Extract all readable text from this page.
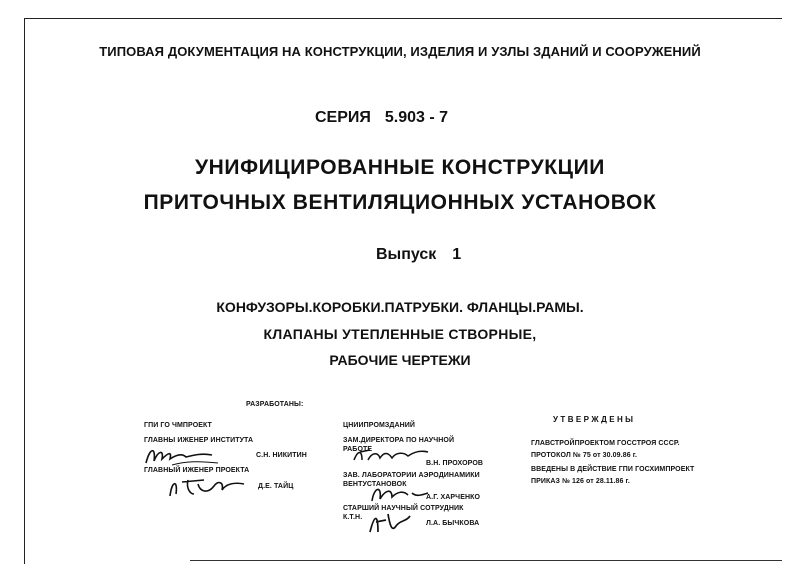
ТИПОВАЯ ДОКУМЕНТАЦИЯ НА КОНСТРУКЦИИ, ИЗДЕЛИЯ И УЗЛЫ ЗДАНИЙ И СООРУЖЕНИЙ
СЕРИЯ 5.903 - 7
УНИФИЦИРОВАННЫЕ КОНСТРУКЦИИ
ПРИТОЧНЫХ ВЕНТИЛЯЦИОННЫХ УСТАНОВОК
Выпуск 1
КОНФУЗОРЫ.КОРОБКИ.ПАТРУБКИ. ФЛАНЦЫ.РАМЫ.
КЛАПАНЫ УТЕПЛЕННЫЕ СТВОРНЫЕ,
РАБОЧИЕ ЧЕРТЕЖИ
РАЗРАБОТАНЫ:
ГПИ ГО ЧМПРОЕКТ
ГЛАВНЫ ИЖЕНЕР ИНСТИТУТА
С.Н. НИКИТИН
ГЛАВНЫЙ ИЖЕНЕР ПРОЕКТА
Д.Е. ТАЙЦ
ЦНИИПРОМЗДАНИЙ
ЗАМ.ДИРЕКТОРА ПО НАУЧНОЙ
РАБОТЕ
В.Н. ПРОХОРОВ
ЗАВ. ЛАБОРАТОРИИ АЭРОДИНАМИКИ
ВЕНТУСТАНОВОК
А.Г. ХАРЧЕНКО
СТАРШИЙ НАУЧНЫЙ СОТРУДНИК
К.Т.Н.
Л.А. БЫЧКОВА
У Т В Е Р Ж Д Е Н Ы
ГЛАВСТРОЙПРОЕКТОМ ГОССТРОЯ СССР.
ПРОТОКОЛ № 75 от 30.09.86 г.
ВВЕДЕНЫ В ДЕЙСТВИЕ ГПИ ГОСХИМПРОЕКТ
ПРИКАЗ № 126 от 28.11.86 г.
